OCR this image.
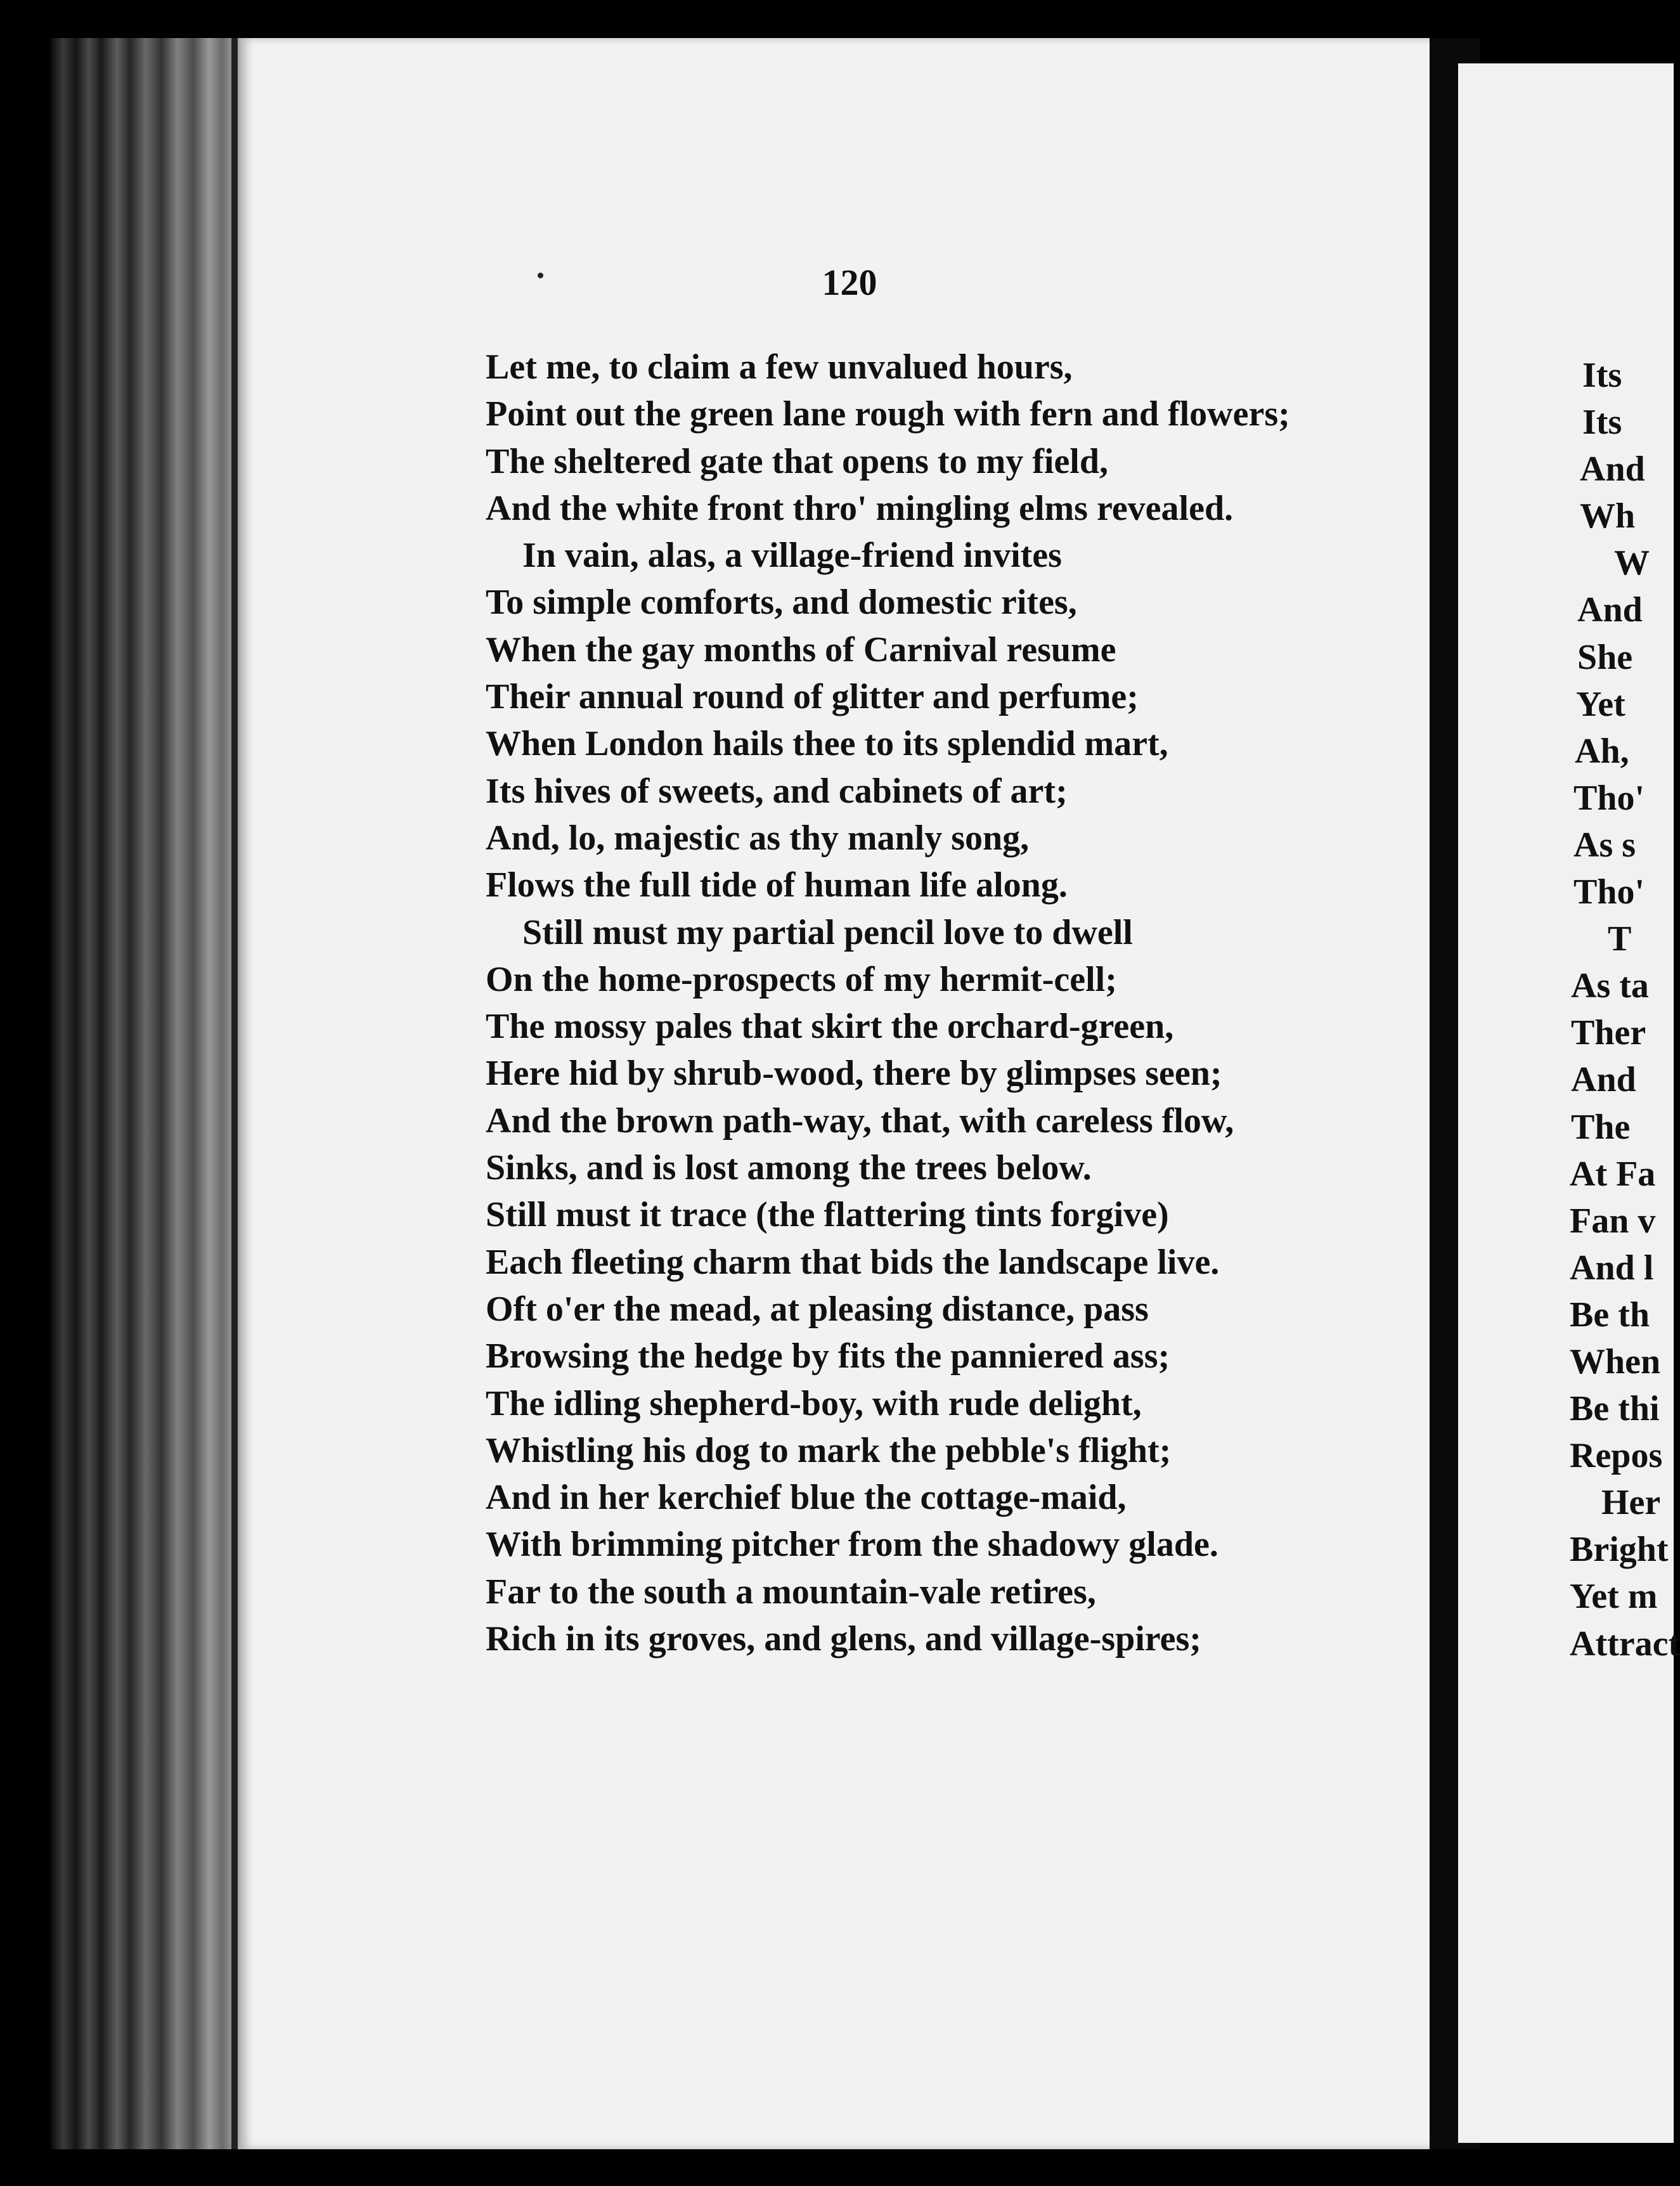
120
Let me, to claim a few unvalued hours,
Point out the green lane rough with fern and flowers;
The sheltered gate that opens to my field,
And the white front thro' mingling elms revealed.
In vain, alas, a village-friend invites
To simple comforts, and domestic rites,
When the gay months of Carnival resume
Their annual round of glitter and perfume;
When London hails thee to its splendid mart,
Its hives of sweets, and cabinets of art;
And, lo, majestic as thy manly song,
Flows the full tide of human life along.
Still must my partial pencil love to dwell
On the home-prospects of my hermit-cell;
The mossy pales that skirt the orchard-green,
Here hid by shrub-wood, there by glimpses seen;
And the brown path-way, that, with careless flow,
Sinks, and is lost among the trees below.
Still must it trace (the flattering tints forgive)
Each fleeting charm that bids the landscape live.
Oft o'er the mead, at pleasing distance, pass
Browsing the hedge by fits the panniered ass;
The idling shepherd-boy, with rude delight,
Whistling his dog to mark the pebble's flight;
And in her kerchief blue the cottage-maid,
With brimming pitcher from the shadowy glade.
Far to the south a mountain-vale retires,
Rich in its groves, and glens, and village-spires;
Its
Its
And
Wh
W
And
She
Yet
Ah,
Tho'
As s
Tho'
T
As ta
Ther
And
The
At Fa
Fan v
And l
Be th
When
Be thi
Repos
Her
Bright
Yet m
Attract
